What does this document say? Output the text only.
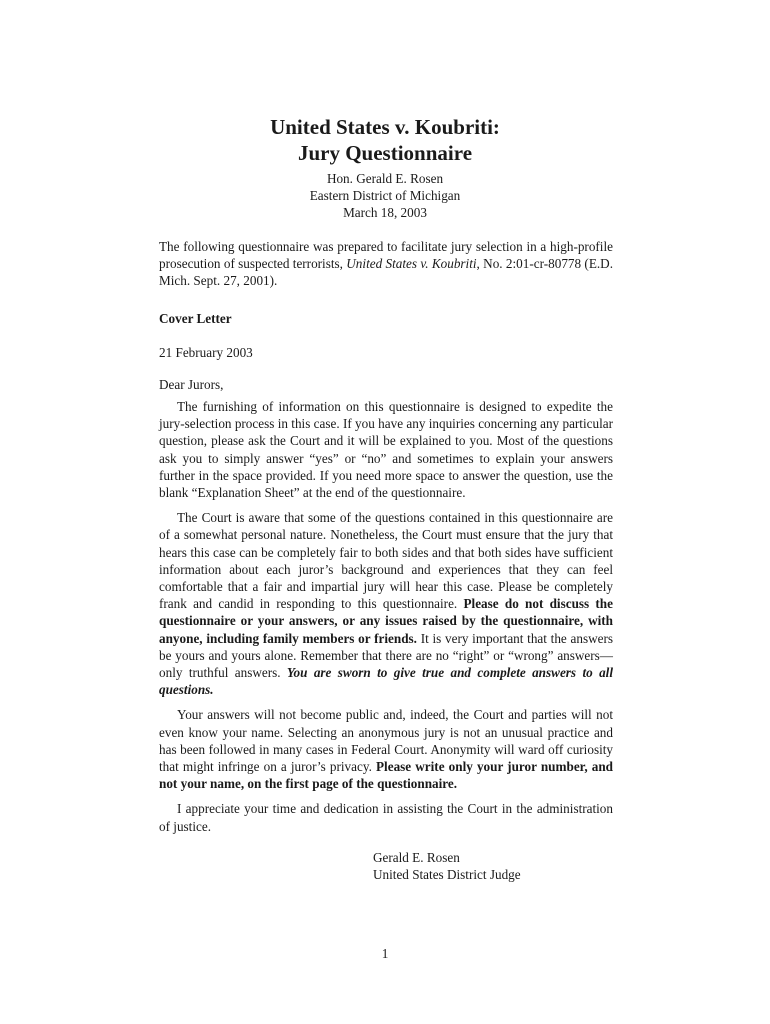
United States v. Koubriti:

Jury Questionnaire

Hon. Gerald E. Rosen

Eastern District of Michigan

March 18, 2003

The following questionnaire was prepared to facilitate jury selection in a high-profile prosecution of suspected terrorists, United States v. Koubriti, No. 2:01-cr-80778 (E.D. Mich. Sept. 27, 2001).

Cover Letter

21 February 2003

Dear Jurors,

The furnishing of information on this questionnaire is designed to expedite the jury-selection process in this case. If you have any inquiries concerning any particular question, please ask the Court and it will be explained to you. Most of the questions ask you to simply answer “yes” or “no” and sometimes to explain your answers further in the space provided. If you need more space to answer the question, use the blank “Explanation Sheet” at the end of the questionnaire.

The Court is aware that some of the questions contained in this questionnaire are of a somewhat personal nature. Nonetheless, the Court must ensure that the jury that hears this case can be completely fair to both sides and that both sides have sufficient information about each juror’s background and experiences that they can feel comfortable that a fair and impartial jury will hear this case. Please be completely frank and candid in responding to this questionnaire. Please do not discuss the questionnaire or your answers, or any issues raised by the questionnaire, with anyone, including family members or friends. It is very important that the answers be yours and yours alone. Remember that there are no “right” or “wrong” answers—only truthful answers. You are sworn to give true and complete answers to all questions.

Your answers will not become public and, indeed, the Court and parties will not even know your name. Selecting an anonymous jury is not an unusual practice and has been followed in many cases in Federal Court. Anonymity will ward off curiosity that might infringe on a juror’s privacy. Please write only your juror number, and not your name, on the first page of the questionnaire.

I appreciate your time and dedication in assisting the Court in the administration of justice.

Gerald E. Rosen
United States District Judge
1
